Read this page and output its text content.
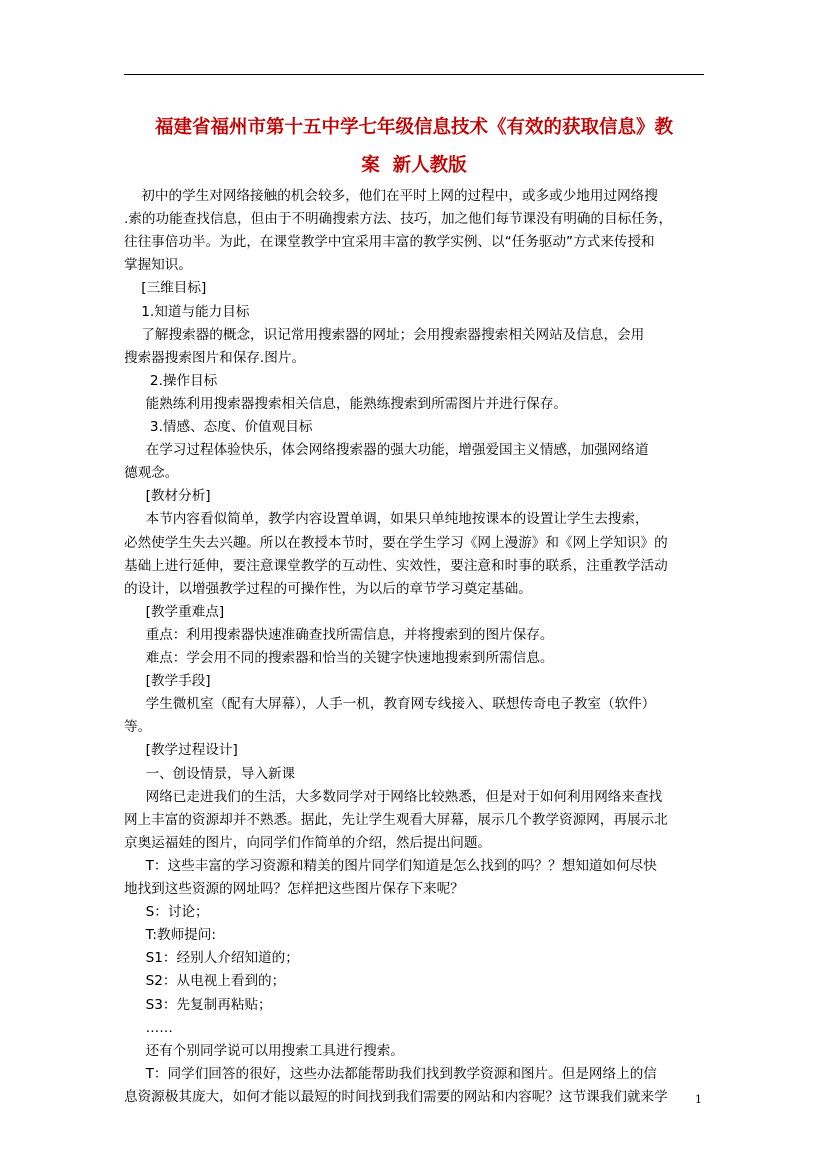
福建省福州市第十五中学七年级信息技术《有效的获取信息》教
案  新人教版
初中的学生对网络接触的机会较多，他们在平时上网的过程中，或多或少地用过网络搜
.索的功能查找信息，但由于不明确搜索方法、技巧，加之他们每节课没有明确的目标任务，
往往事倍功半。为此，在课堂教学中宜采用丰富的教学实例、以“任务驱动”方式来传授和
掌握知识。
[三维目标]
1.知道与能力目标
了解搜索器的概念，识记常用搜索器的网址；会用搜索器搜索相关网站及信息，会用
搜索器搜索图片和保存.图片。
2.操作目标
能熟练利用搜索器搜索相关信息，能熟练搜索到所需图片并进行保存。
3.情感、态度、价值观目标
在学习过程体验快乐，体会网络搜索器的强大功能，增强爱国主义情感，加强网络道
德观念。
[教材分析]
本节内容看似简单，教学内容设置单调，如果只单纯地按课本的设置让学生去搜索，
必然使学生失去兴趣。所以在教授本节时，要在学生学习《网上漫游》和《网上学知识》的
基础上进行延伸，要注意课堂教学的互动性、实效性，要注意和时事的联系，注重教学活动
的设计，以增强教学过程的可操作性，为以后的章节学习奠定基础。
[教学重难点]
重点：利用搜索器快速准确查找所需信息，并将搜索到的图片保存。
难点：学会用不同的搜索器和恰当的关键字快速地搜索到所需信息。
[教学手段]
学生微机室（配有大屏幕），人手一机，教育网专线接入、联想传奇电子教室（软件）
等。
[教学过程设计]
一、创设情景，导入新课
网络已走进我们的生活，大多数同学对于网络比较熟悉，但是对于如何利用网络来查找
网上丰富的资源却并不熟悉。据此，先让学生观看大屏幕，展示几个教学资源网，再展示北
京奥运福娃的图片，向同学们作简单的介绍，然后提出问题。
T：这些丰富的学习资源和精美的图片同学们知道是怎么找到的吗？？想知道如何尽快
地找到这些资源的网址吗？怎样把这些图片保存下来呢？
S：讨论；
T:教师提问:
S1：经别人介绍知道的；
S2：从电视上看到的；
S3：先复制再粘贴；
……
还有个别同学说可以用搜索工具进行搜索。
T：同学们回答的很好，这些办法都能帮助我们找到教学资源和图片。但是网络上的信
息资源极其庞大，如何才能以最短的时间找到我们需要的网站和内容呢？这节课我们就来学 1
